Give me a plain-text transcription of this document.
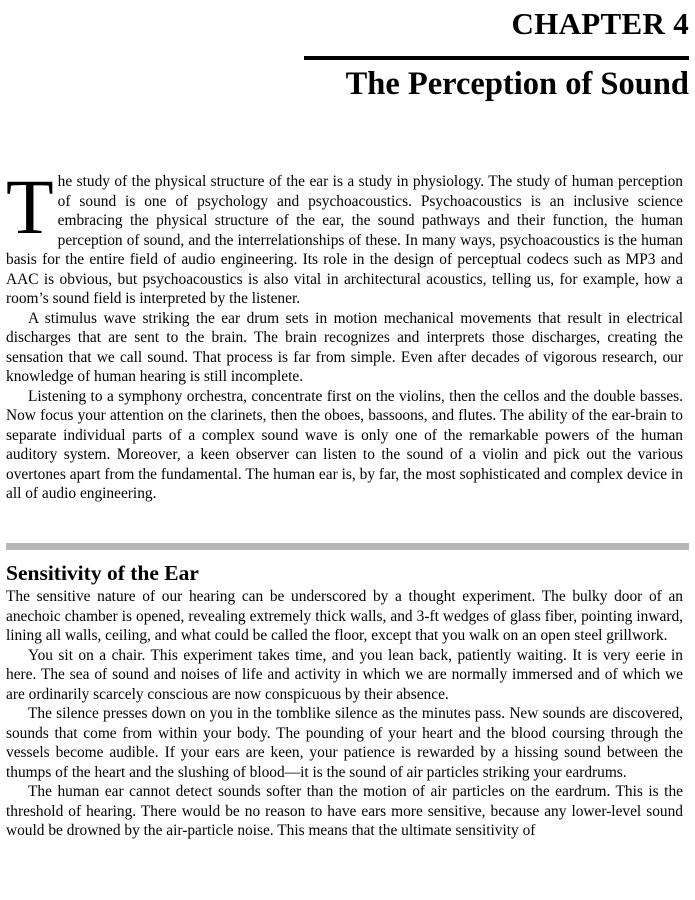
CHAPTER 4
The Perception of Sound

The study of the physical structure of the ear is a study in physiology. The study of human perception of sound is one of psychology and psychoacoustics. Psychoacoustics is an inclusive science embracing the physical structure of the ear, the sound pathways and their function, the human perception of sound, and the interrelationships of these. In many ways, psychoacoustics is the human basis for the entire field of audio engineering. Its role in the design of perceptual codecs such as MP3 and AAC is obvious, but psychoacoustics is also vital in architectural acoustics, telling us, for example, how a room’s sound field is interpreted by the listener.

A stimulus wave striking the ear drum sets in motion mechanical movements that result in electrical discharges that are sent to the brain. The brain recognizes and interprets those discharges, creating the sensation that we call sound. That process is far from simple. Even after decades of vigorous research, our knowledge of human hearing is still incomplete.

Listening to a symphony orchestra, concentrate first on the violins, then the cellos and the double basses. Now focus your attention on the clarinets, then the oboes, bassoons, and flutes. The ability of the ear-brain to separate individual parts of a complex sound wave is only one of the remarkable powers of the human auditory system. Moreover, a keen observer can listen to the sound of a violin and pick out the various overtones apart from the fundamental. The human ear is, by far, the most sophisticated and complex device in all of audio engineering.

Sensitivity of the Ear

The sensitive nature of our hearing can be underscored by a thought experiment. The bulky door of an anechoic chamber is opened, revealing extremely thick walls, and 3-ft wedges of glass fiber, pointing inward, lining all walls, ceiling, and what could be called the floor, except that you walk on an open steel grillwork.

You sit on a chair. This experiment takes time, and you lean back, patiently waiting. It is very eerie in here. The sea of sound and noises of life and activity in which we are normally immersed and of which we are ordinarily scarcely conscious are now conspicuous by their absence.

The silence presses down on you in the tomblike silence as the minutes pass. New sounds are discovered, sounds that come from within your body. The pounding of your heart and the blood coursing through the vessels become audible. If your ears are keen, your patience is rewarded by a hissing sound between the thumps of the heart and the slushing of blood—it is the sound of air particles striking your eardrums.

The human ear cannot detect sounds softer than the motion of air particles on the eardrum. This is the threshold of hearing. There would be no reason to have ears more sensitive, because any lower-level sound would be drowned by the air-particle noise. This means that the ultimate sensitivity of
